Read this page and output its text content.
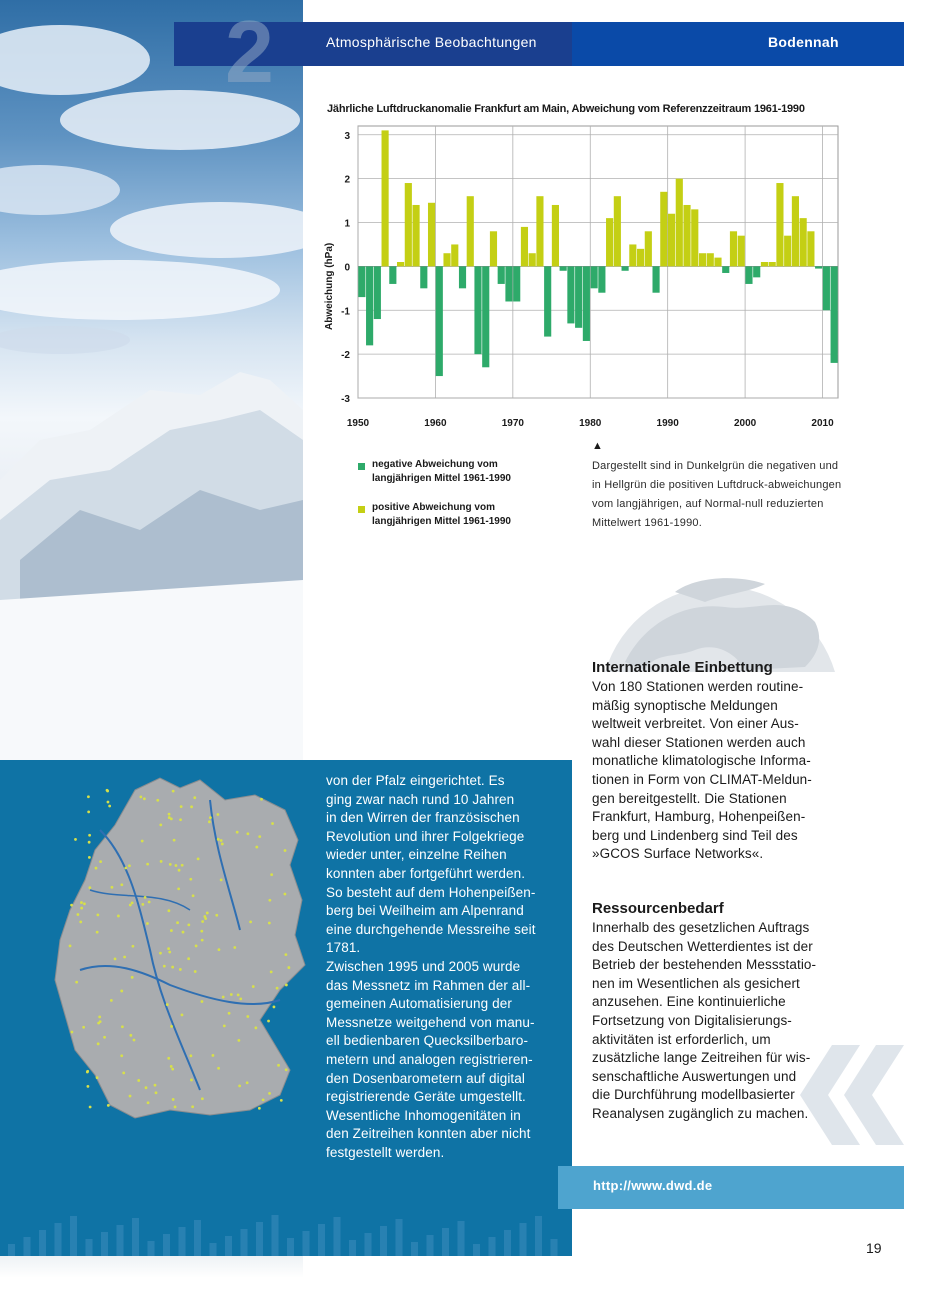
2	Atmosphärische Beobachtungen	Bodennah
Jährliche Luftdruckanomalie Frankfurt am Main, Abweichung vom Referenzzeitraum 1961-1990
3
2
1
0
-1
-2
-3
1950	1960	1970	1980	1990	2000	2010
Abweichung (hPa)
negative Abweichung vom
langjährigen Mittel 1961-1990
positive Abweichung vom
langjährigen Mittel 1961-1990
▲
Dargestellt sind in Dunkelgrün die negativen und in Hellgrün die positiven Luftdruck-abweichungen vom langjährigen, auf Normal-null reduzierten Mittelwert 1961-1990.
Internationale Einbettung
Von 180 Stationen werden routine-
mäßig synoptische Meldungen
weltweit verbreitet. Von einer Aus-
wahl dieser Stationen werden auch
monatliche klimatologische Informa-
tionen in Form von CLIMAT-Meldun-
gen bereitgestellt. Die Stationen
Frankfurt, Hamburg, Hohenpeißen-
berg und Lindenberg sind Teil des
»GCOS Surface Networks«.
Ressourcenbedarf
Innerhalb des gesetzlichen Auftrags
des Deutschen Wetterdientes ist der
Betrieb der bestehenden Messstatio-
nen im Wesentlichen als gesichert
anzusehen. Eine kontinuierliche
Fortsetzung von Digitalisierungs-
aktivitäten ist erforderlich, um
zusätzliche lange Zeitreihen für wis-
senschaftliche Auswertungen und
die Durchführung modellbasierter
Reanalysen zugänglich zu machen.
von der Pfalz eingerichtet. Es
ging zwar nach rund 10 Jahren
in den Wirren der französischen
Revolution und ihrer Folgekriege
wieder unter, einzelne Reihen
konnten aber fortgeführt werden.
So besteht auf dem Hohenpeißen-
berg bei Weilheim am Alpenrand
eine durchgehende Messreihe seit
1781.
Zwischen 1995 und 2005 wurde
das Messnetz im Rahmen der all-
gemeinen Automatisierung der
Messnetze weitgehend von manu-
ell bedienbaren Quecksilberbaro-
metern und analogen registrieren-
den Dosenbarometern auf digital
registrierende Geräte umgestellt.
Wesentliche Inhomogenitäten in
den Zeitreihen konnten aber nicht
festgestellt werden.
http://www.dwd.de
19
